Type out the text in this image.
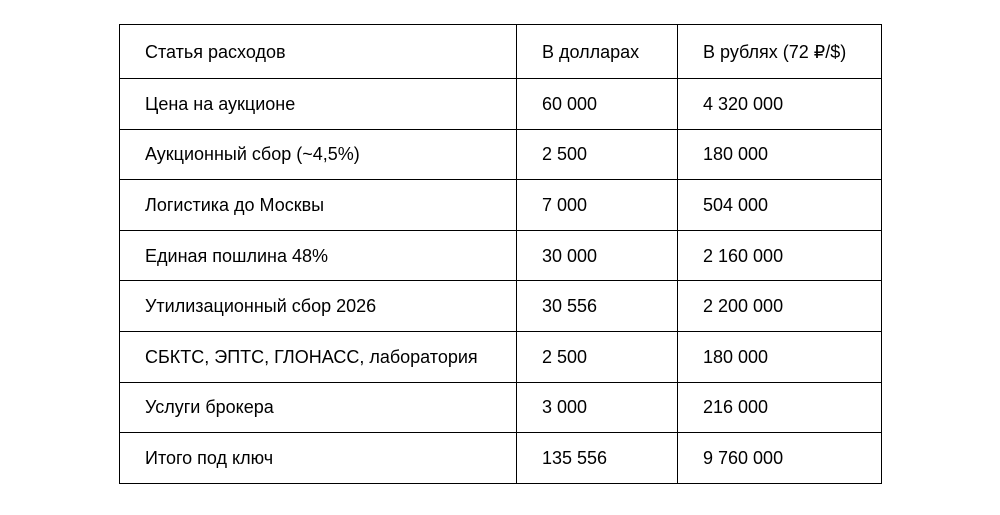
Статья расходов	В долларах	В рублях (72 ₽/$)
Цена на аукционе	60 000	4 320 000
Аукционный сбор (~4,5%)	2 500	180 000
Логистика до Москвы	7 000	504 000
Единая пошлина 48%	30 000	2 160 000
Утилизационный сбор 2026	30 556	2 200 000
СБКТС, ЭПТС, ГЛОНАСС, лаборатория	2 500	180 000
Услуги брокера	3 000	216 000
Итого под ключ	135 556	9 760 000
